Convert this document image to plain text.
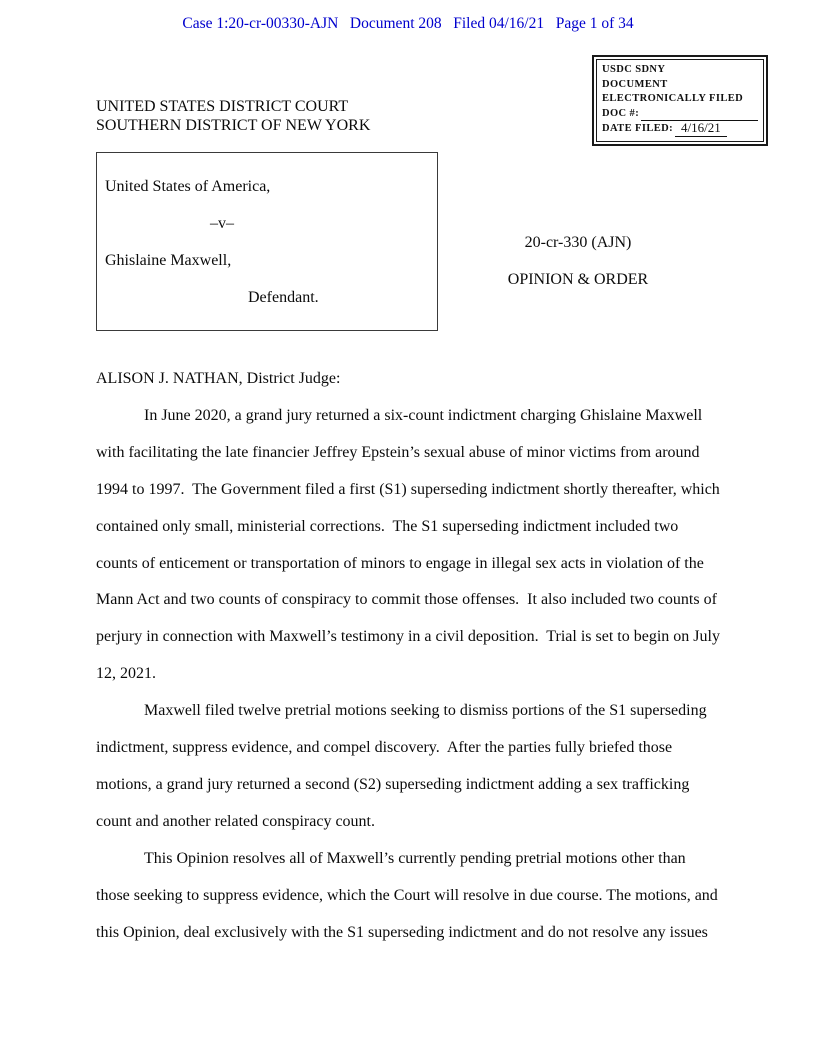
Case 1:20-cr-00330-AJN   Document 208   Filed 04/16/21   Page 1 of 34
USDC SDNY
DOCUMENT
ELECTRONICALLY FILED
DOC #:
DATE FILED: 4/16/21
UNITED STATES DISTRICT COURT
SOUTHERN DISTRICT OF NEW YORK
United States of America,
–v–
Ghislaine Maxwell,
Defendant.
20-cr-330 (AJN)
OPINION & ORDER
ALISON J. NATHAN, District Judge:

In June 2020, a grand jury returned a six-count indictment charging Ghislaine Maxwell with facilitating the late financier Jeffrey Epstein’s sexual abuse of minor victims from around 1994 to 1997.  The Government filed a first (S1) superseding indictment shortly thereafter, which contained only small, ministerial corrections.  The S1 superseding indictment included two counts of enticement or transportation of minors to engage in illegal sex acts in violation of the Mann Act and two counts of conspiracy to commit those offenses.  It also included two counts of perjury in connection with Maxwell’s testimony in a civil deposition.  Trial is set to begin on July 12, 2021.

Maxwell filed twelve pretrial motions seeking to dismiss portions of the S1 superseding indictment, suppress evidence, and compel discovery.  After the parties fully briefed those motions, a grand jury returned a second (S2) superseding indictment adding a sex trafficking count and another related conspiracy count.

This Opinion resolves all of Maxwell’s currently pending pretrial motions other than those seeking to suppress evidence, which the Court will resolve in due course. The motions, and this Opinion, deal exclusively with the S1 superseding indictment and do not resolve any issues
